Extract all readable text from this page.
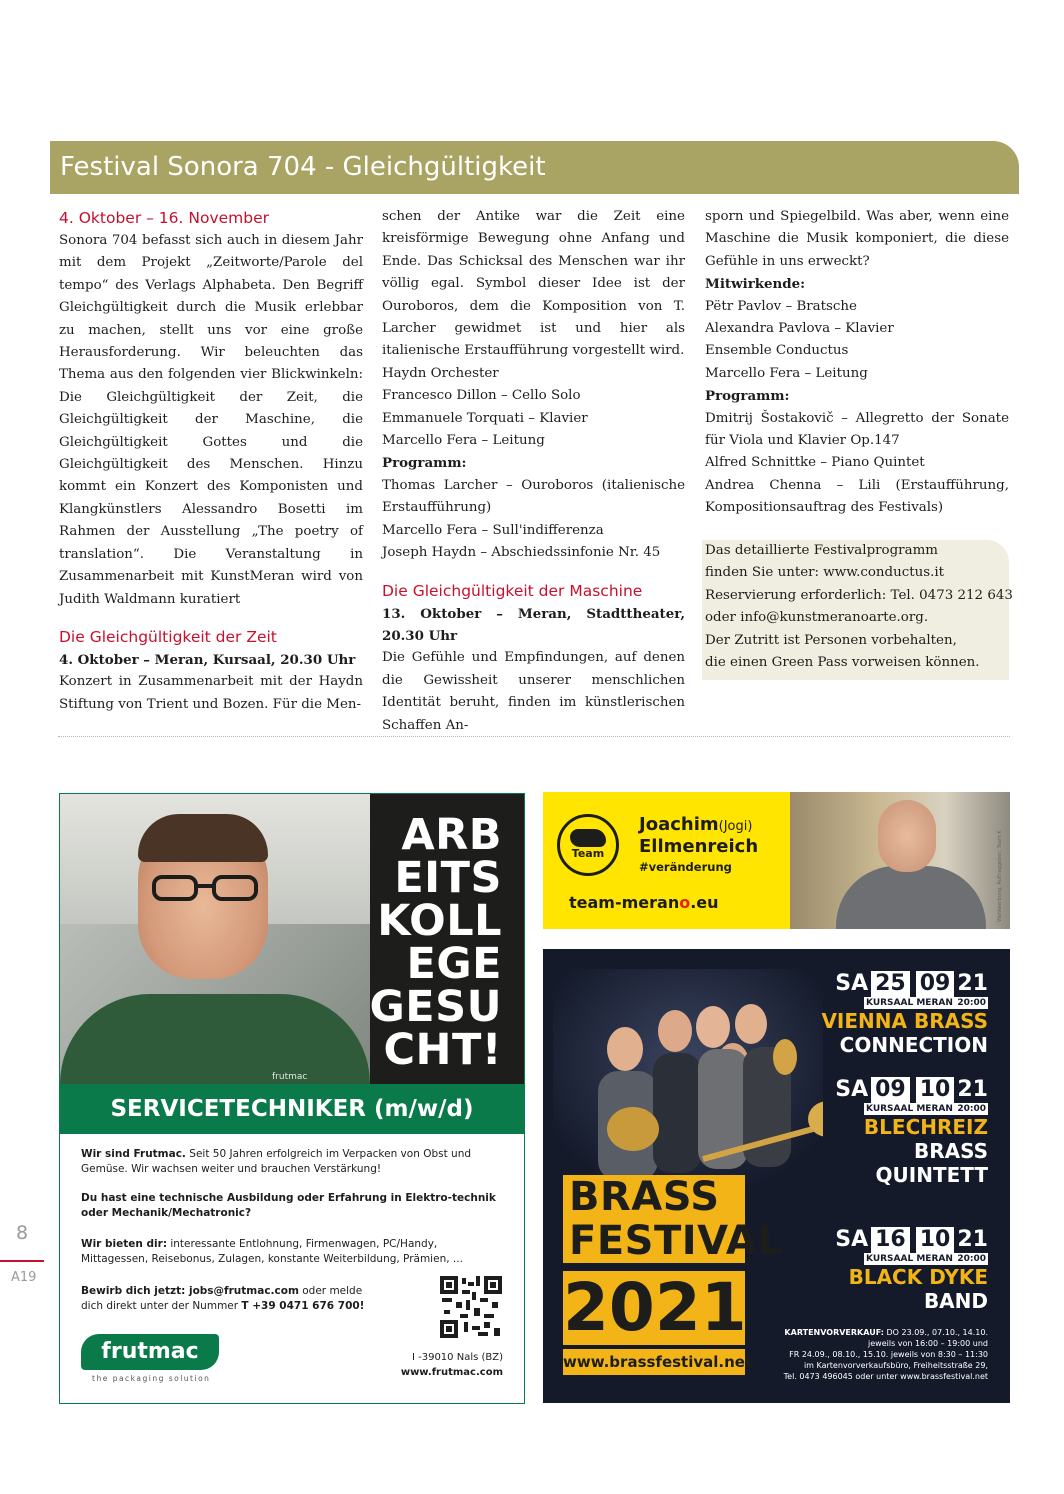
Festival Sonora 704 - Gleichgültigkeit
4. Oktober – 16. November

Sonora 704 befasst sich auch in diesem Jahr mit dem Projekt „Zeitworte/Parole del tempo“ des Verlags Alphabeta. Den Begriff Gleichgültigkeit durch die Musik erlebbar zu machen, stellt uns vor eine große Herausforderung. Wir beleuchten das Thema aus den folgenden vier Blickwinkeln: Die Gleichgültigkeit der Zeit, die Gleichgültigkeit der Maschine, die Gleichgültigkeit Gottes und die Gleichgültigkeit des Menschen. Hinzu kommt ein Konzert des Komponisten und Klangkünstlers Alessandro Bosetti im Rahmen der Ausstellung „The poetry of translation“. Die Veranstaltung in Zusammenarbeit mit KunstMeran wird von Judith Waldmann kuratiert

Die Gleichgültigkeit der Zeit

4. Oktober – Meran, Kursaal, 20.30 Uhr

Konzert in Zusammenarbeit mit der Haydn Stiftung von Trient und Bozen. Für die Men-

schen der Antike war die Zeit eine kreisförmige Bewegung ohne Anfang und Ende. Das Schicksal des Menschen war ihr völlig egal. Symbol dieser Idee ist der Ouroboros, dem die Komposition von T. Larcher gewidmet ist und hier als italienische Erstaufführung vorgestellt wird.

Haydn Orchester

Francesco Dillon – Cello Solo

Emmanuele Torquati – Klavier

Marcello Fera – Leitung

Programm:

Thomas Larcher – Ouroboros (italienische Erstaufführung)

Marcello Fera – Sull'indifferenza

Joseph Haydn – Abschiedssinfonie Nr. 45

Die Gleichgültigkeit der Maschine

13. Oktober – Meran, Stadttheater, 20.30 Uhr

Die Gefühle und Empfindungen, auf denen die Gewissheit unserer menschlichen Identität beruht, finden im künstlerischen Schaffen An-

sporn und Spiegelbild. Was aber, wenn eine Maschine die Musik komponiert, die diese Gefühle in uns erweckt?

Mitwirkende:

Pëtr Pavlov – Bratsche

Alexandra Pavlova – Klavier

Ensemble Conductus

Marcello Fera – Leitung

Programm:

Dmitrij Šostakovič – Allegretto der Sonate für Viola und Klavier Op.147

Alfred Schnittke – Piano Quintet

Andrea Chenna – Lili (Erstaufführung, Kompositionsauftrag des Festivals)

Das detaillierte Festivalprogramm
finden Sie unter: www.conductus.it
Reservierung erforderlich: Tel. 0473 212 643
oder info@kunstmeranoarte.org.
Der Zutritt ist Personen vorbehalten,
die einen Green Pass vorweisen können.
8
A19
frutmac
ARB
EITS
KOLL
EGE
GESU
CHT!
SERVICETECHNIKER (m/w/d)
Wir sind Frutmac. Seit 50 Jahren erfolgreich im Verpacken von Obst und Gemüse. Wir wachsen weiter und brauchen Verstärkung!
Du hast eine technische Ausbildung oder Erfahrung in Elektro-technik oder Mechanik/Mechatronic?
Wir bieten dir: interessante Entlohnung, Firmenwagen, PC/Handy, Mittagessen, Reisebonus, Zulagen, konstante Weiterbildung, Prämien, ...
Bewirb dich jetzt: jobs@frutmac.com oder melde dich direkt unter der Nummer T +39 0471 676 700!
frutmac
the packaging solution
I -39010 Nals (BZ)
www.frutmac.com
Team
Joachim(Jogi)
Ellmenreich
#veränderung
team-merano.eu	Wahlwerbung, Auftraggeber: Team K
BRASS
FESTIVAL
2021
www.brassfestival.net
SA 25 09 21
KURSAAL MERAN 20:00
VIENNA BRASS
CONNECTION
SA 09 10 21
KURSAAL MERAN 20:00
BLECHREIZ
BRASS
QUINTETT
SA 16 10 21
KURSAAL MERAN 20:00
BLACK DYKE
BAND
KARTENVORVERKAUF: DO 23.09., 07.10., 14.10.
jeweils von 16:00 – 19:00 und
FR 24.09., 08.10., 15.10. jeweils von 8:30 – 11:30
im Kartenvorverkaufsbüro, Freiheitsstraße 29,
Tel. 0473 496045 oder unter www.brassfestival.net
